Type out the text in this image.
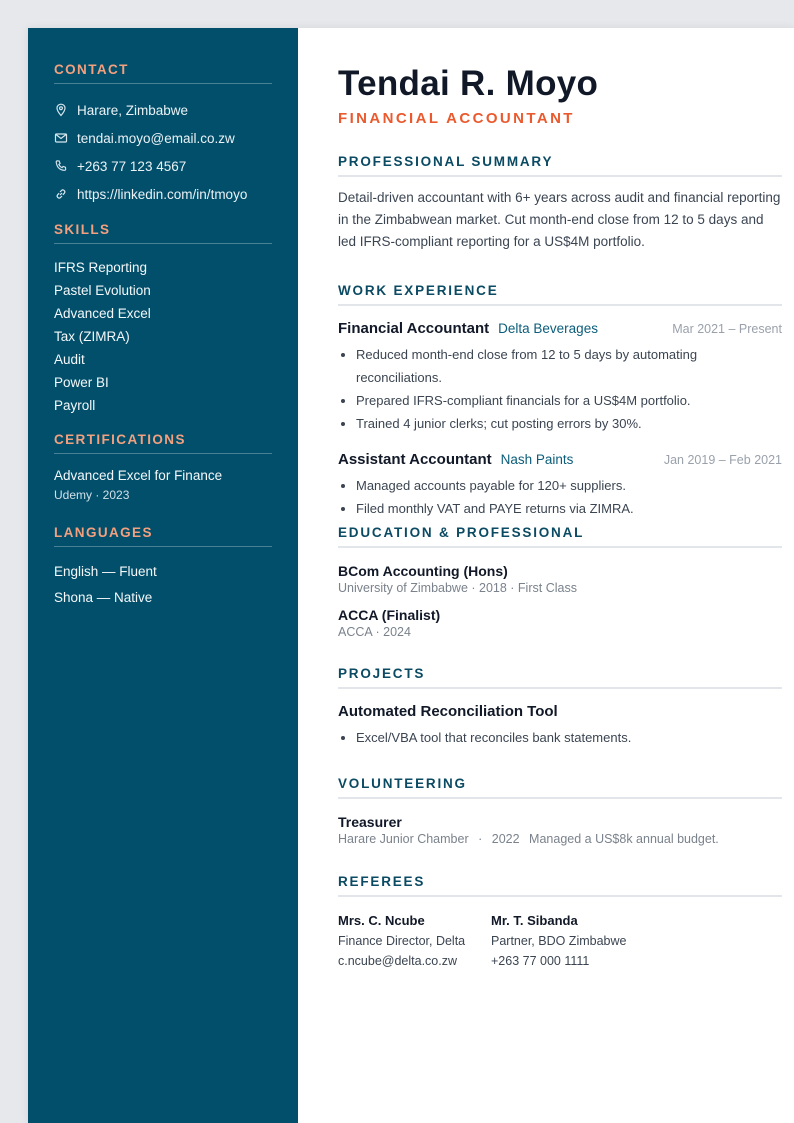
CONTACT
Harare, Zimbabwe
tendai.moyo@email.co.zw
+263 77 123 4567
https://linkedin.com/in/tmoyo
SKILLS
IFRS Reporting
Pastel Evolution
Advanced Excel
Tax (ZIMRA)
Audit
Power BI
Payroll
CERTIFICATIONS
Advanced Excel for Finance
Udemy · 2023
LANGUAGES
English — Fluent
Shona — Native
Tendai R. Moyo
FINANCIAL ACCOUNTANT
PROFESSIONAL SUMMARY
Detail-driven accountant with 6+ years across audit and financial reporting in the Zimbabwean market. Cut month-end close from 12 to 5 days and led IFRS-compliant reporting for a US$4M portfolio.
WORK EXPERIENCE
Financial Accountant Delta Beverages	Mar 2021 – Present
• Reduced month-end close from 12 to 5 days by automating reconciliations.
• Prepared IFRS-compliant financials for a US$4M portfolio.
• Trained 4 junior clerks; cut posting errors by 30%.
Assistant Accountant Nash Paints	Jan 2019 – Feb 2021
• Managed accounts payable for 120+ suppliers.
• Filed monthly VAT and PAYE returns via ZIMRA.
EDUCATION & PROFESSIONAL
BCom Accounting (Hons)
University of Zimbabwe · 2018 · First Class
ACCA (Finalist)
ACCA · 2024
PROJECTS
Automated Reconciliation Tool
• Excel/VBA tool that reconciles bank statements.
VOLUNTEERING
Treasurer
Harare Junior Chamber · 2022 Managed a US$8k annual budget.
REFEREES
Mrs. C. Ncube
Finance Director, Delta
c.ncube@delta.co.zw
Mr. T. Sibanda
Partner, BDO Zimbabwe
+263 77 000 1111
